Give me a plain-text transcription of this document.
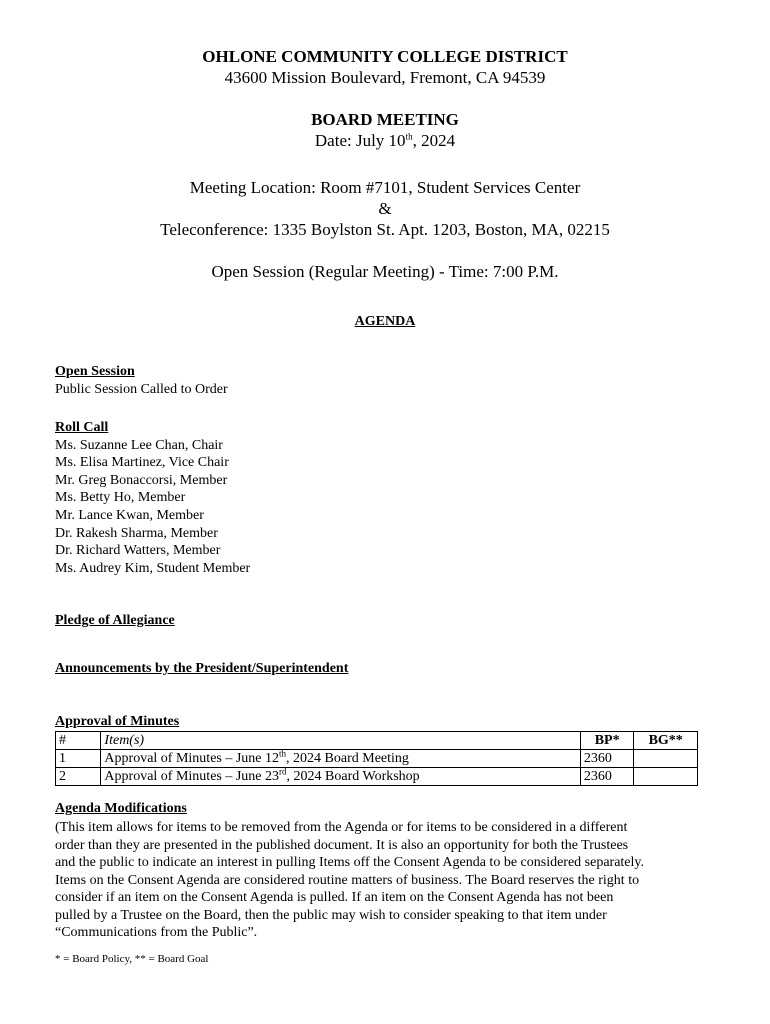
OHLONE COMMUNITY COLLEGE DISTRICT
43600 Mission Boulevard, Fremont, CA 94539
BOARD MEETING
Date: July 10th, 2024
Meeting Location: Room #7101, Student Services Center
&
Teleconference: 1335 Boylston St. Apt. 1203, Boston, MA, 02215
Open Session (Regular Meeting) - Time: 7:00 P.M.
AGENDA
Open Session
Public Session Called to Order
Roll Call
Ms. Suzanne Lee Chan, Chair
Ms. Elisa Martinez, Vice Chair
Mr. Greg Bonaccorsi, Member
Ms. Betty Ho, Member
Mr. Lance Kwan, Member
Dr. Rakesh Sharma, Member
Dr. Richard Watters, Member
Ms. Audrey Kim, Student Member
Pledge of Allegiance
Announcements by the President/Superintendent
Approval of Minutes
#	Item(s)	BP*	BG**
1	Approval of Minutes – June 12th, 2024 Board Meeting	2360	
2	Approval of Minutes – June 23rd, 2024 Board Workshop	2360	
Agenda Modifications
(This item allows for items to be removed from the Agenda or for items to be considered in a different
order than they are presented in the published document. It is also an opportunity for both the Trustees
and the public to indicate an interest in pulling Items off the Consent Agenda to be considered separately.
Items on the Consent Agenda are considered routine matters of business. The Board reserves the right to
consider if an item on the Consent Agenda is pulled. If an item on the Consent Agenda has not been
pulled by a Trustee on the Board, then the public may wish to consider speaking to that item under
“Communications from the Public”.
* = Board Policy, ** = Board Goal
